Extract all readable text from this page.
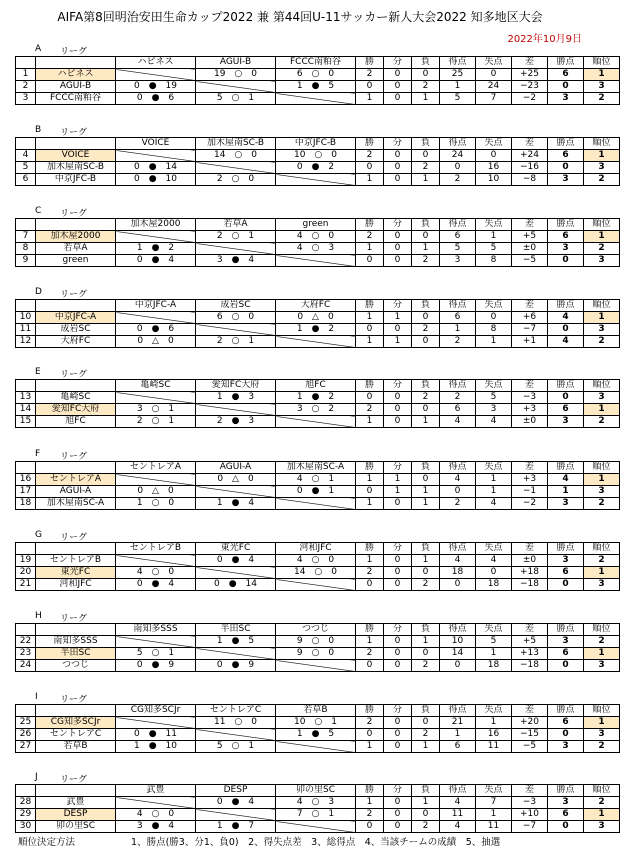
AIFA第8回明治安田生命カップ2022 兼 第44回U-11サッカー新人大会2022 知多地区大会
2022年10月9日
A リーグ
		ハピネス	AGUI-B	FCCC南粕谷	勝	分	負	得点	失点	差	勝点	順位
1	ハピネス		19　○　0	6　○　0	2	0	0	25	0	+25	6	1
2	AGUI-B	0　●　19		1　●　5	0	0	2	1	24	−23	0	3
3	FCCC南粕谷	0　●　6	5　○　1		1	0	1	5	7	−2	3	2
B リーグ
		VOICE	加木屋南SC-B	中京JFC-B	勝	分	負	得点	失点	差	勝点	順位
4	VOICE		14　○　0	10　○　0	2	0	0	24	0	+24	6	1
5	加木屋南SC-B	0　●　14		0　●　2	0	0	2	0	16	−16	0	3
6	中京JFC-B	0　●　10	2　○　0		1	0	1	2	10	−8	3	2
C リーグ
		加木屋2000	若草A	green	勝	分	負	得点	失点	差	勝点	順位
7	加木屋2000		2　○　1	4　○　0	2	0	0	6	1	+5	6	1
8	若草A	1　●　2		4　○　3	1	0	1	5	5	±0	3	2
9	green	0　●　4	3　●　4		0	0	2	3	8	−5	0	3
D リーグ
		中京JFC-A	成岩SC	大府FC	勝	分	負	得点	失点	差	勝点	順位
10	中京JFC-A		6　○　0	0　△　0	1	1	0	6	0	+6	4	1
11	成岩SC	0　●　6		1　●　2	0	0	2	1	8	−7	0	3
12	大府FC	0　△　0	2　○　1		1	1	0	2	1	+1	4	2
E リーグ
		亀崎SC	愛知FC大府	旭FC	勝	分	負	得点	失点	差	勝点	順位
13	亀崎SC		1　●　3	1　●　2	0	0	2	2	5	−3	0	3
14	愛知FC大府	3　○　1		3　○　2	2	0	0	6	3	+3	6	1
15	旭FC	2　○　1	2　●　3		1	0	1	4	4	±0	3	2
F リーグ
		セントレアA	AGUI-A	加木屋南SC-A	勝	分	負	得点	失点	差	勝点	順位
16	セントレアA		0　△　0	4　○　1	1	1	0	4	1	+3	4	1
17	AGUI-A	0　△　0		0　●　1	0	1	1	0	1	−1	1	3
18	加木屋南SC-A	1　○　0	1　●　4		1	0	1	2	4	−2	3	2
G リーグ
		セントレアB	東光FC	河和JFC	勝	分	負	得点	失点	差	勝点	順位
19	セントレアB		0　●　4	4　○　0	1	0	1	4	4	±0	3	2
20	東光FC	4　○　0		14　○　0	2	0	0	18	0	+18	6	1
21	河和JFC	0　●　4	0　●　14		0	0	2	0	18	−18	0	3
H リーグ
		南知多SSS	半田SC	つつじ	勝	分	負	得点	失点	差	勝点	順位
22	南知多SSS		1　●　5	9　○　0	1	0	1	10	5	+5	3	2
23	半田SC	5　○　1		9　○　0	2	0	0	14	1	+13	6	1
24	つつじ	0　●　9	0　●　9		0	0	2	0	18	−18	0	3
I リーグ
		CG知多SCJr	セントレアC	若草B	勝	分	負	得点	失点	差	勝点	順位
25	CG知多SCJr		11　○　0	10　○　1	2	0	0	21	1	+20	6	1
26	セントレアC	0　●　11		1　●　5	0	0	2	1	16	−15	0	3
27	若草B	1　●　10	5　○　1		1	0	1	6	11	−5	3	2
J リーグ
		武豊	DESP	卯の里SC	勝	分	負	得点	失点	差	勝点	順位
28	武豊		0　●　4	4　○　3	1	0	1	4	7	−3	3	2
29	DESP	4　○　0		7　○　1	2	0	0	11	1	+10	6	1
30	卯の里SC	3　●　4	1　●　7		0	0	2	4	11	−7	0	3
順位決定方法	1、勝点(勝3、分1、負0)　2、得失点差　3、総得点　4、当該チームの成績　5、抽選
